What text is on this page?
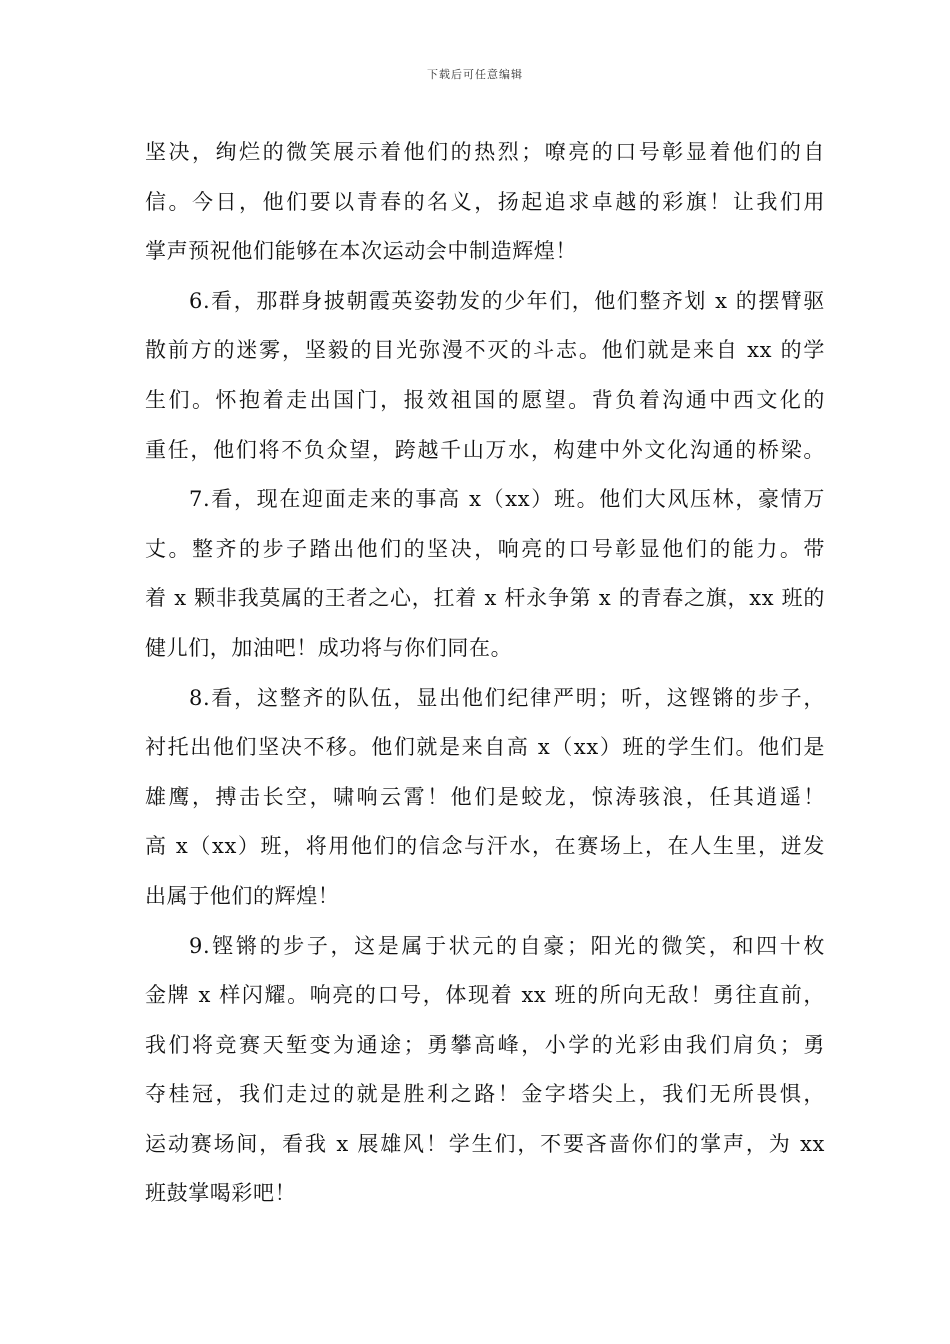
下载后可任意编辑
坚决，绚烂的微笑展示着他们的热烈；嘹亮的口号彰显着他们的自
信。今日，他们要以青春的名义，扬起追求卓越的彩旗！让我们用
掌声预祝他们能够在本次运动会中制造辉煌！
6.看，那群身披朝霞英姿勃发的少年们，他们整齐划 x 的摆臂驱
散前方的迷雾，坚毅的目光弥漫不灭的斗志。他们就是来自 xx 的学
生们。怀抱着走出国门，报效祖国的愿望。背负着沟通中西文化的
重任，他们将不负众望，跨越千山万水，构建中外文化沟通的桥梁。
7.看，现在迎面走来的事高 x（xx）班。他们大风压林，豪情万
丈。整齐的步子踏出他们的坚决，响亮的口号彰显他们的能力。带
着 x 颗非我莫属的王者之心，扛着 x 杆永争第 x 的青春之旗，xx 班的
健儿们，加油吧！成功将与你们同在。
8.看，这整齐的队伍，显出他们纪律严明；听，这铿锵的步子，
衬托出他们坚决不移。他们就是来自高 x（xx）班的学生们。他们是
雄鹰，搏击长空，啸响云霄！他们是蛟龙，惊涛骇浪，任其逍遥！
高 x（xx）班，将用他们的信念与汗水，在赛场上，在人生里，迸发
出属于他们的辉煌！
9.铿锵的步子，这是属于状元的自豪；阳光的微笑，和四十枚
金牌 x 样闪耀。响亮的口号，体现着 xx 班的所向无敌！勇往直前，
我们将竞赛天堑变为通途；勇攀高峰，小学的光彩由我们肩负；勇
夺桂冠，我们走过的就是胜利之路！金字塔尖上，我们无所畏惧，
运动赛场间，看我 x 展雄风！学生们，不要吝啬你们的掌声，为 xx
班鼓掌喝彩吧！
